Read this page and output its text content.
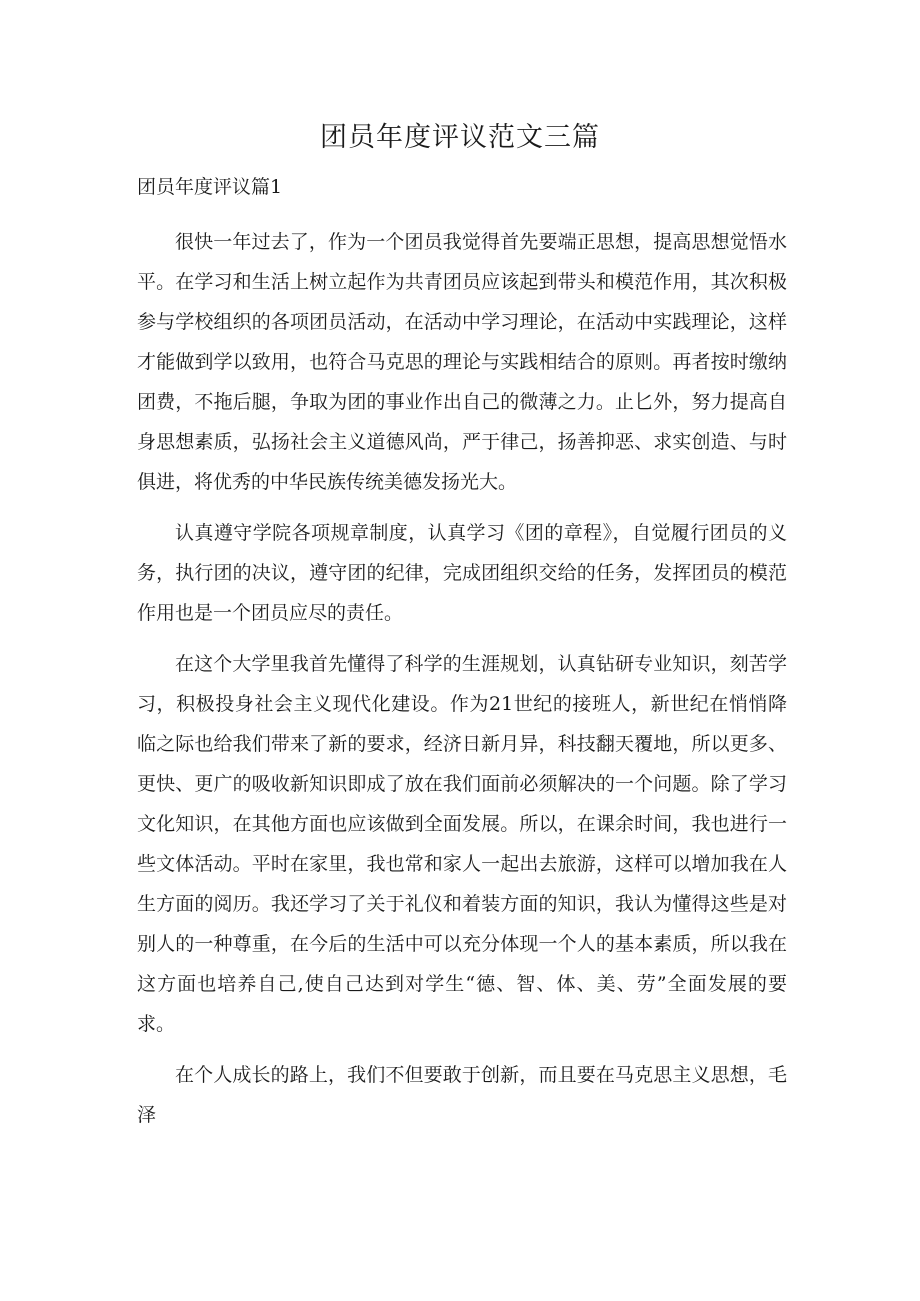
团员年度评议范文三篇
团员年度评议篇1

很快一年过去了，作为一个团员我觉得首先要端正思想，提高思想觉悟水平。在学习和生活上树立起作为共青团员应该起到带头和模范作用，其次积极参与学校组织的各项团员活动，在活动中学习理论，在活动中实践理论，这样才能做到学以致用，也符合马克思的理论与实践相结合的原则。再者按时缴纳团费，不拖后腿，争取为团的事业作出自己的微薄之力。止匕外，努力提高自身思想素质，弘扬社会主义道德风尚，严于律己，扬善抑恶、求实创造、与时俱进，将优秀的中华民族传统美德发扬光大。

认真遵守学院各项规章制度，认真学习《团的章程》，自觉履行团员的义务，执行团的决议，遵守团的纪律，完成团组织交给的任务，发挥团员的模范作用也是一个团员应尽的责任。

在这个大学里我首先懂得了科学的生涯规划，认真钻研专业知识，刻苦学习，积极投身社会主义现代化建设。作为21世纪的接班人，新世纪在悄悄降临之际也给我们带来了新的要求，经济日新月异，科技翻天覆地，所以更多、更快、更广的吸收新知识即成了放在我们面前必须解决的一个问题。除了学习文化知识，在其他方面也应该做到全面发展。所以，在课余时间，我也进行一些文体活动。平时在家里，我也常和家人一起出去旅游，这样可以增加我在人生方面的阅历。我还学习了关于礼仪和着装方面的知识，我认为懂得这些是对别人的一种尊重，在今后的生活中可以充分体现一个人的基本素质，所以我在这方面也培养自己,使自己达到对学生“德、智、体、美、劳”全面发展的要求。

在个人成长的路上，我们不但要敢于创新，而且要在马克思主义思想，毛泽
